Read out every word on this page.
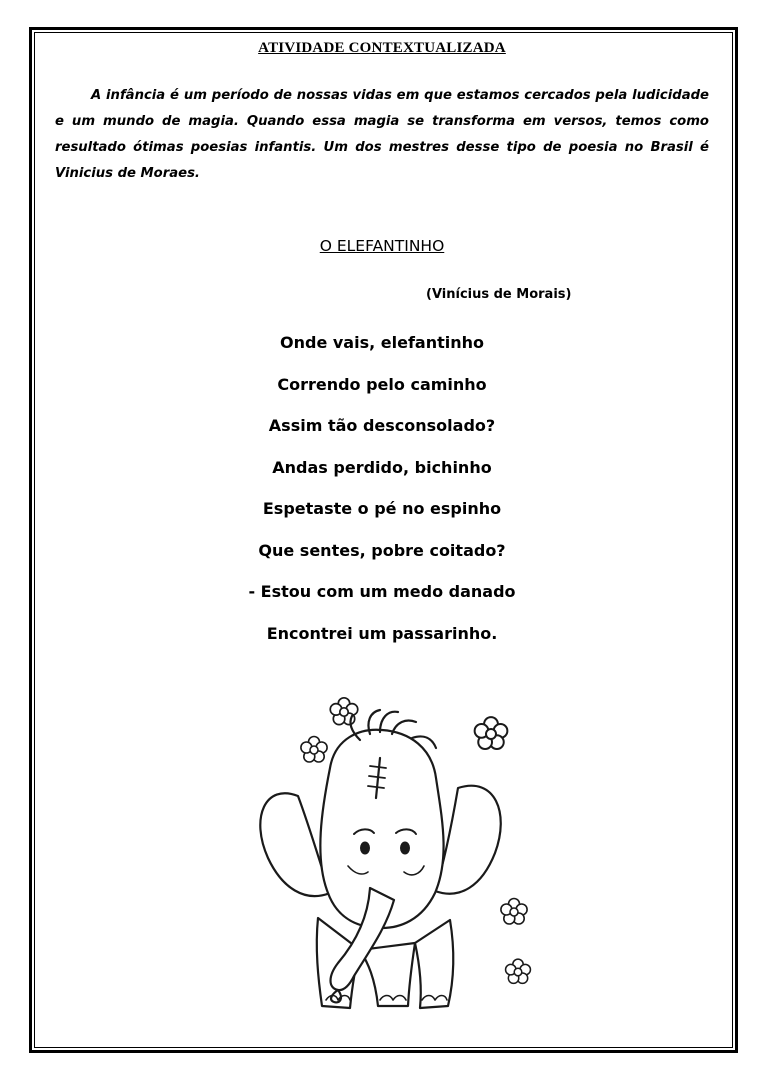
ATIVIDADE CONTEXTUALIZADA

A infância é um período de nossas vidas em que estamos cercados pela ludicidade e um mundo de magia. Quando essa magia se transforma em versos, temos como resultado ótimas poesias infantis. Um dos mestres desse tipo de poesia no Brasil é Vinicius de Moraes.

O ELEFANTINHO
(Vinícius de Morais)
Onde vais, elefantinho
Correndo pelo caminho
Assim tão desconsolado?
Andas perdido, bichinho
Espetaste o pé no espinho
Que sentes, pobre coitado?
- Estou com um medo danado
Encontrei um passarinho.
